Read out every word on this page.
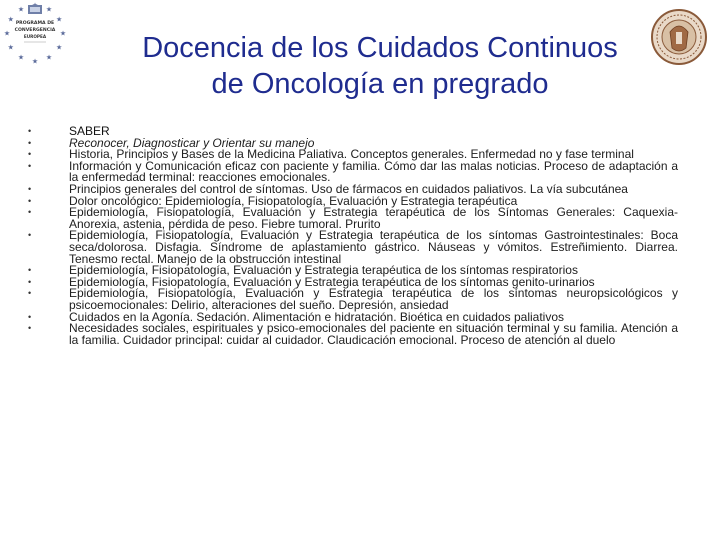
★
★
★
★
★
★
★
★
★	★
★
PROGRAMA DE
CONVERGENCIA
EUROPEA	Docencia de los Cuidados Continuos
de Oncología en pregrado
•	SABER
•	Reconocer, Diagnosticar y Orientar su manejo
•	Historia, Principios y Bases de la Medicina Paliativa. Conceptos generales. Enfermedad no y fase terminal
•	Información y Comunicación eficaz con paciente y familia. Cómo dar las malas noticias. Proceso de adaptación a la enfermedad terminal: reacciones emocionales.
•	Principios generales del control de síntomas. Uso de fármacos en cuidados paliativos. La vía subcutánea
•	Dolor oncológico: Epidemiología, Fisiopatología, Evaluación y Estrategia terapéutica
•	Epidemiología, Fisiopatología, Evaluación y Estrategia terapéutica de los Síntomas Generales: Caquexia-Anorexia, astenia, pérdida de peso. Fiebre tumoral. Prurito
•	Epidemiología, Fisiopatología, Evaluación y Estrategia terapéutica de los síntomas Gastrointestinales: Boca seca/dolorosa. Disfagia. Síndrome de aplastamiento gástrico. Náuseas y vómitos. Estreñimiento. Diarrea. Tenesmo rectal. Manejo de la obstrucción intestinal
•	Epidemiología, Fisiopatología, Evaluación y Estrategia terapéutica de los síntomas respiratorios
•	Epidemiología, Fisiopatología, Evaluación y Estrategia terapéutica de los síntomas genito-urinarios
•	Epidemiología, Fisiopatología, Evaluación y Estrategia terapéutica de los síntomas neuropsicológicos y psicoemocionales: Delirio, alteraciones del sueño. Depresión, ansiedad
•	Cuidados en la Agonía. Sedación. Alimentación e hidratación. Bioética en cuidados paliativos
•	Necesidades sociales, espirituales y psico-emocionales del paciente en situación terminal y su familia. Atención a la familia. Cuidador principal: cuidar al cuidador. Claudicación emocional. Proceso de atención al duelo
